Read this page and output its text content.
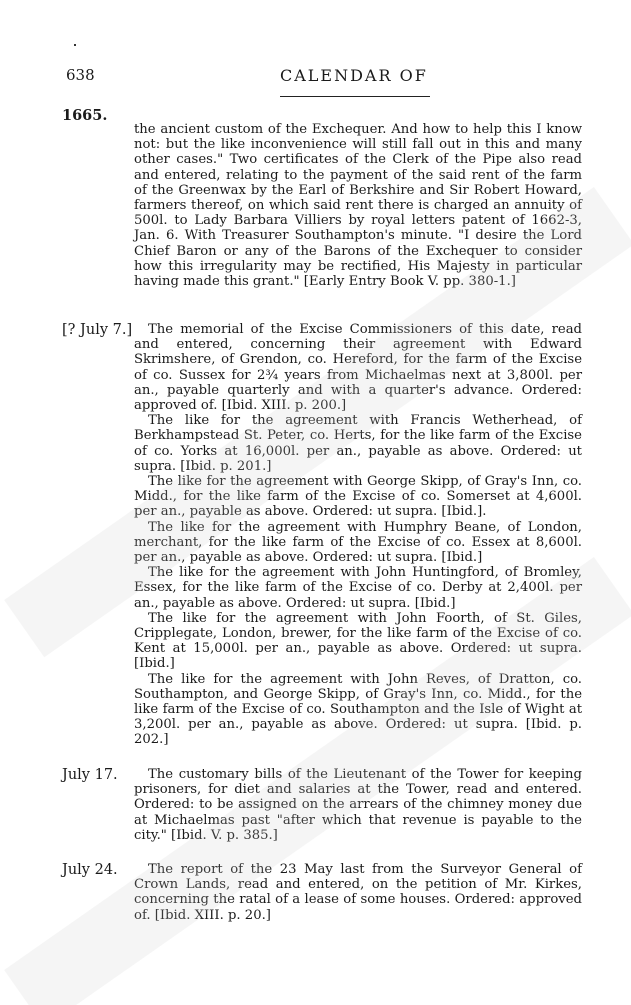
638	CALENDAR OF
1665.

the ancient custom of the Exchequer. And how to help this I know not: but the like inconvenience will still fall out in this and many other cases." Two certificates of the Clerk of the Pipe also read and entered, relating to the payment of the said rent of the farm of the Greenwax by the Earl of Berkshire and Sir Robert Howard, farmers thereof, on which said rent there is charged an annuity of 500l. to Lady Barbara Villiers by royal letters patent of 1662-3, Jan. 6. With Treasurer Southampton's minute. "I desire the Lord Chief Baron or any of the Barons of the Exchequer to consider how this irregularity may be rectified, His Majesty in particular having made this grant." [Early Entry Book V. pp. 380-1.]

[? July 7.]	The memorial of the Excise Commissioners of this date, read and entered, concerning their agreement with Edward Skrimshere, of Grendon, co. Hereford, for the farm of the Excise of co. Sussex for 2¾ years from Michaelmas next at 3,800l. per an., payable quarterly and with a quarter's advance. Ordered: approved of. [Ibid. XIII. p. 200.]

The like for the agreement with Francis Wetherhead, of Berkhampstead St. Peter, co. Herts, for the like farm of the Excise of co. Yorks at 16,000l. per an., payable as above. Ordered: ut supra. [Ibid. p. 201.]

The like for the agreement with George Skipp, of Gray's Inn, co. Midd., for the like farm of the Excise of co. Somerset at 4,600l. per an., payable as above. Ordered: ut supra. [Ibid.].

The like for the agreement with Humphry Beane, of London, merchant, for the like farm of the Excise of co. Essex at 8,600l. per an., payable as above. Ordered: ut supra. [Ibid.]

The like for the agreement with John Huntingford, of Bromley, Essex, for the like farm of the Excise of co. Derby at 2,400l. per an., payable as above. Ordered: ut supra. [Ibid.]

The like for the agreement with John Foorth, of St. Giles, Cripplegate, London, brewer, for the like farm of the Excise of co. Kent at 15,000l. per an., payable as above. Ordered: ut supra. [Ibid.]

The like for the agreement with John Reves, of Dratton, co. Southampton, and George Skipp, of Gray's Inn, co. Midd., for the like farm of the Excise of co. Southampton and the Isle of Wight at 3,200l. per an., payable as above. Ordered: ut supra. [Ibid. p. 202.]

July 17.	The customary bills of the Lieutenant of the Tower for keeping prisoners, for diet and salaries at the Tower, read and entered. Ordered: to be assigned on the arrears of the chimney money due at Michaelmas past "after which that revenue is payable to the city." [Ibid. V. p. 385.]

July 24.	The report of the 23 May last from the Surveyor General of Crown Lands, read and entered, on the petition of Mr. Kirkes, concerning the ratal of a lease of some houses. Ordered: approved of. [Ibid. XIII. p. 20.]
